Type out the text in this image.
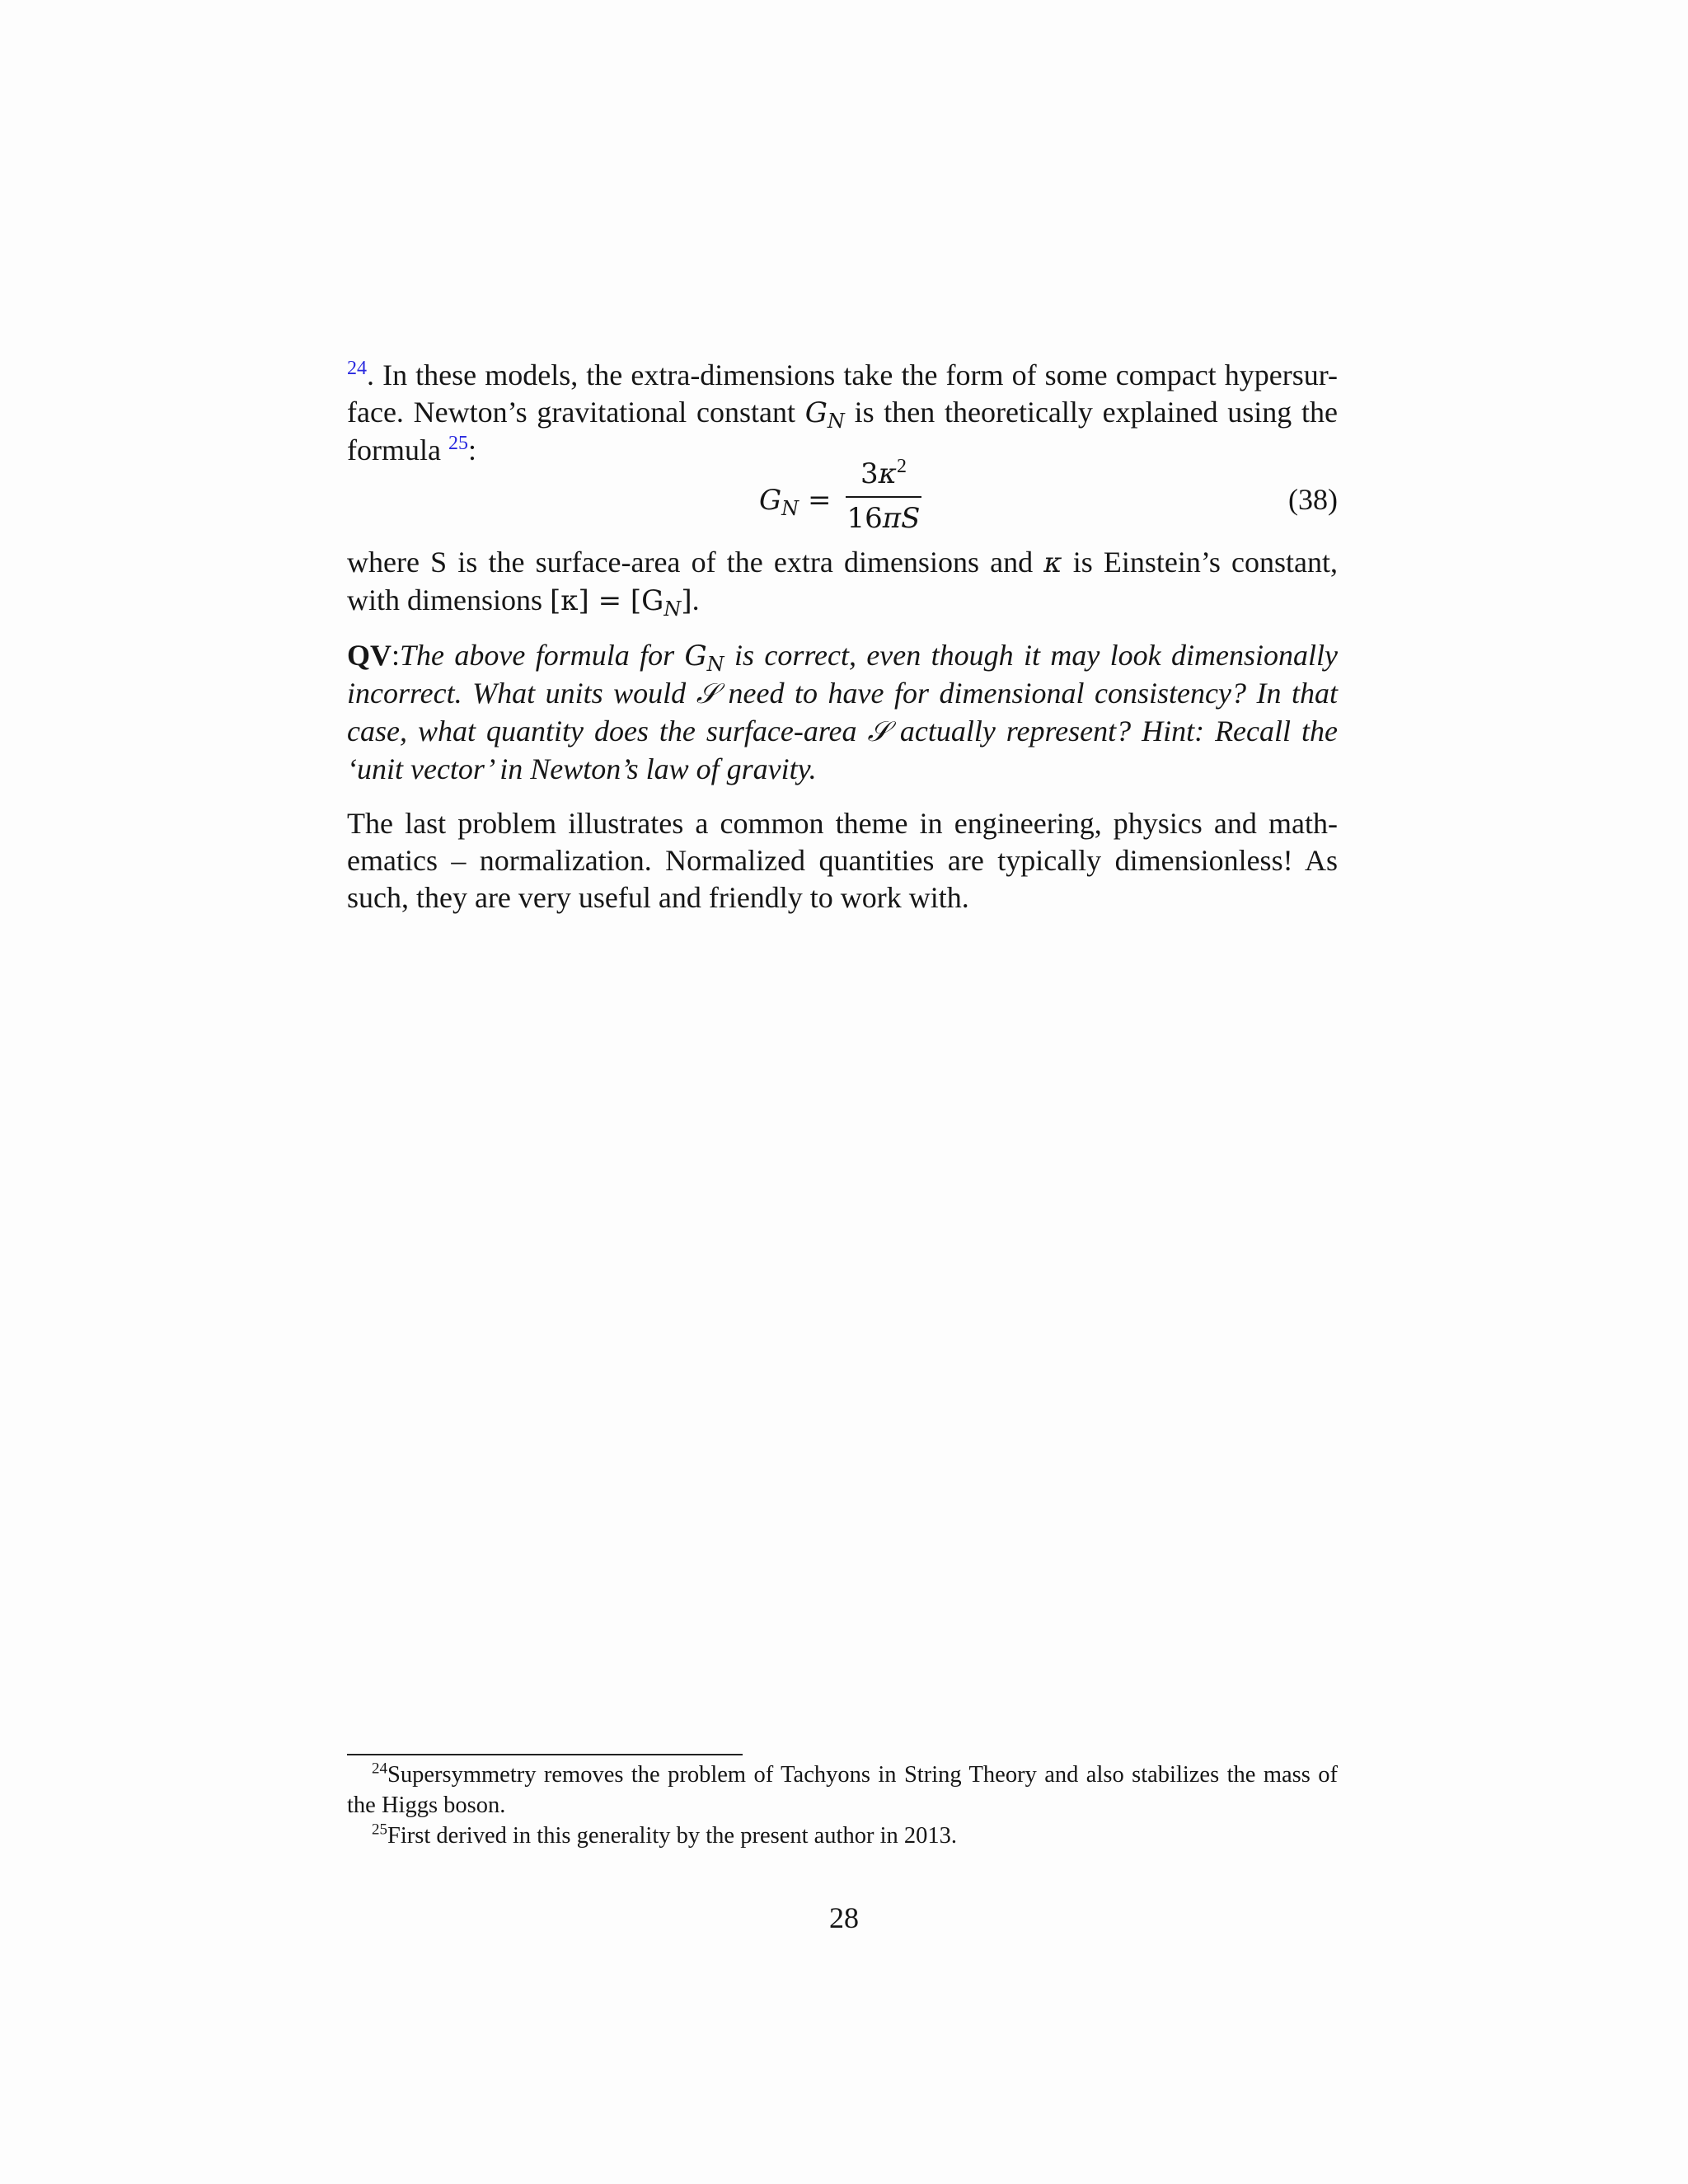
$^{24}$. In these models, the extra-dimensions take the form of some compact hypersur-face. Newton’s gravitational constant $G_N$ is then theoretically explained using the formula $^{25}$:

$G_N$ =
$3\kappa^2$
16πS
(38)

where S is the surface-area of the extra dimensions and κ is Einstein’s constant, with dimensions $[\kappa] = [G_N]$.

QV:The above formula for $G_N$ is correct, even though it may look dimensionally incorrect. What units would 𝒮 need to have for dimensional consistency? In that case, what quantity does the surface-area 𝒮 actually represent? Hint: Recall the ‘unit vector’ in Newton’s law of gravity.

The last problem illustrates a common theme in engineering, physics and math-ematics – normalization. Normalized quantities are typically dimensionless! As such, they are very useful and friendly to work with.

$^{24}$Supersymmetry removes the problem of Tachyons in String Theory and also stabilizes the mass of the Higgs boson.

$^{25}$First derived in this generality by the present author in 2013.

28
